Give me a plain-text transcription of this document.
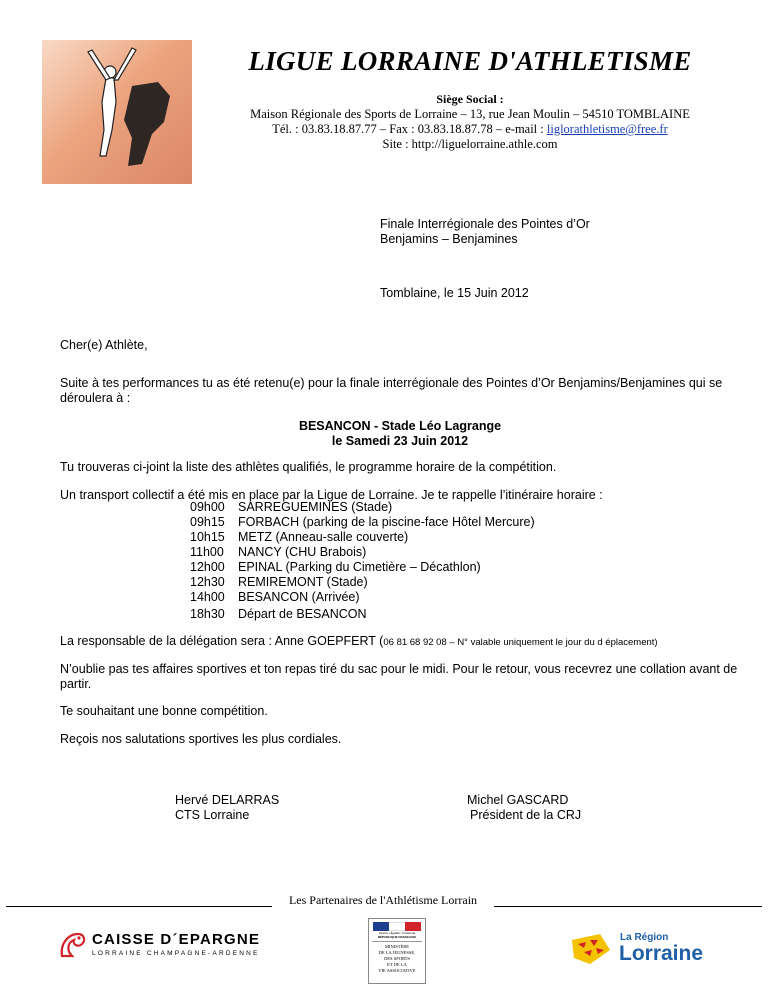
LIGUE LORRAINE D'ATHLETISME
Siège Social :
Maison Régionale des Sports de Lorraine – 13, rue Jean Moulin – 54510 TOMBLAINE
Tél. : 03.83.18.87.77 – Fax : 03.83.18.87.78 – e-mail : liglorathletisme@free.fr
Site : http://liguelorraine.athle.com
Finale Interrégionale des Pointes d’Or
Benjamins – Benjamines
Tomblaine, le 15 Juin 2012
Cher(e) Athlète,
Suite à tes performances tu as été retenu(e) pour la finale interrégionale des Pointes d’Or Benjamins/Benjamines qui se déroulera à :
BESANCON - Stade Léo Lagrange
le Samedi 23 Juin 2012
Tu trouveras ci-joint la liste des athlètes qualifiés, le programme horaire de la compétition.
Un transport collectif a été mis en place par la Ligue de Lorraine. Je te rappelle l’itinéraire horaire :
09h00	SARREGUEMINES (Stade)
09h15	FORBACH (parking de la piscine-face Hôtel Mercure)
10h15	METZ (Anneau-salle couverte)
11h00	NANCY (CHU Brabois)
12h00	EPINAL (Parking du Cimetière – Décathlon)
12h30	REMIREMONT (Stade)
14h00	BESANCON (Arrivée)
18h30	Départ de BESANCON
La responsable de la délégation sera : Anne GOEPFERT (06 81 68 92 08 – N° valable uniquement le jour du d éplacement)
N’oublie pas tes affaires sportives et ton repas tiré du sac pour le midi. Pour le retour, vous recevrez une collation avant de partir.
Te souhaitant une bonne compétition.
Reçois nos salutations sportives les plus cordiales.
Hervé DELARRAS
CTS Lorraine
Michel GASCARD
Président de la CRJ
Les Partenaires de l'Athlétisme Lorrain
CAISSE D´EPARGNE
LORRAINE CHAMPAGNE-ARDENNE
Liberté • Égalité • Fraternité
RÉPUBLIQUE FRANÇAISE
MINISTÈRE
DE LA JEUNESSE,
DES SPORTS
ET DE LA
VIE ASSOCIATIVE
La Région
Lorraine
